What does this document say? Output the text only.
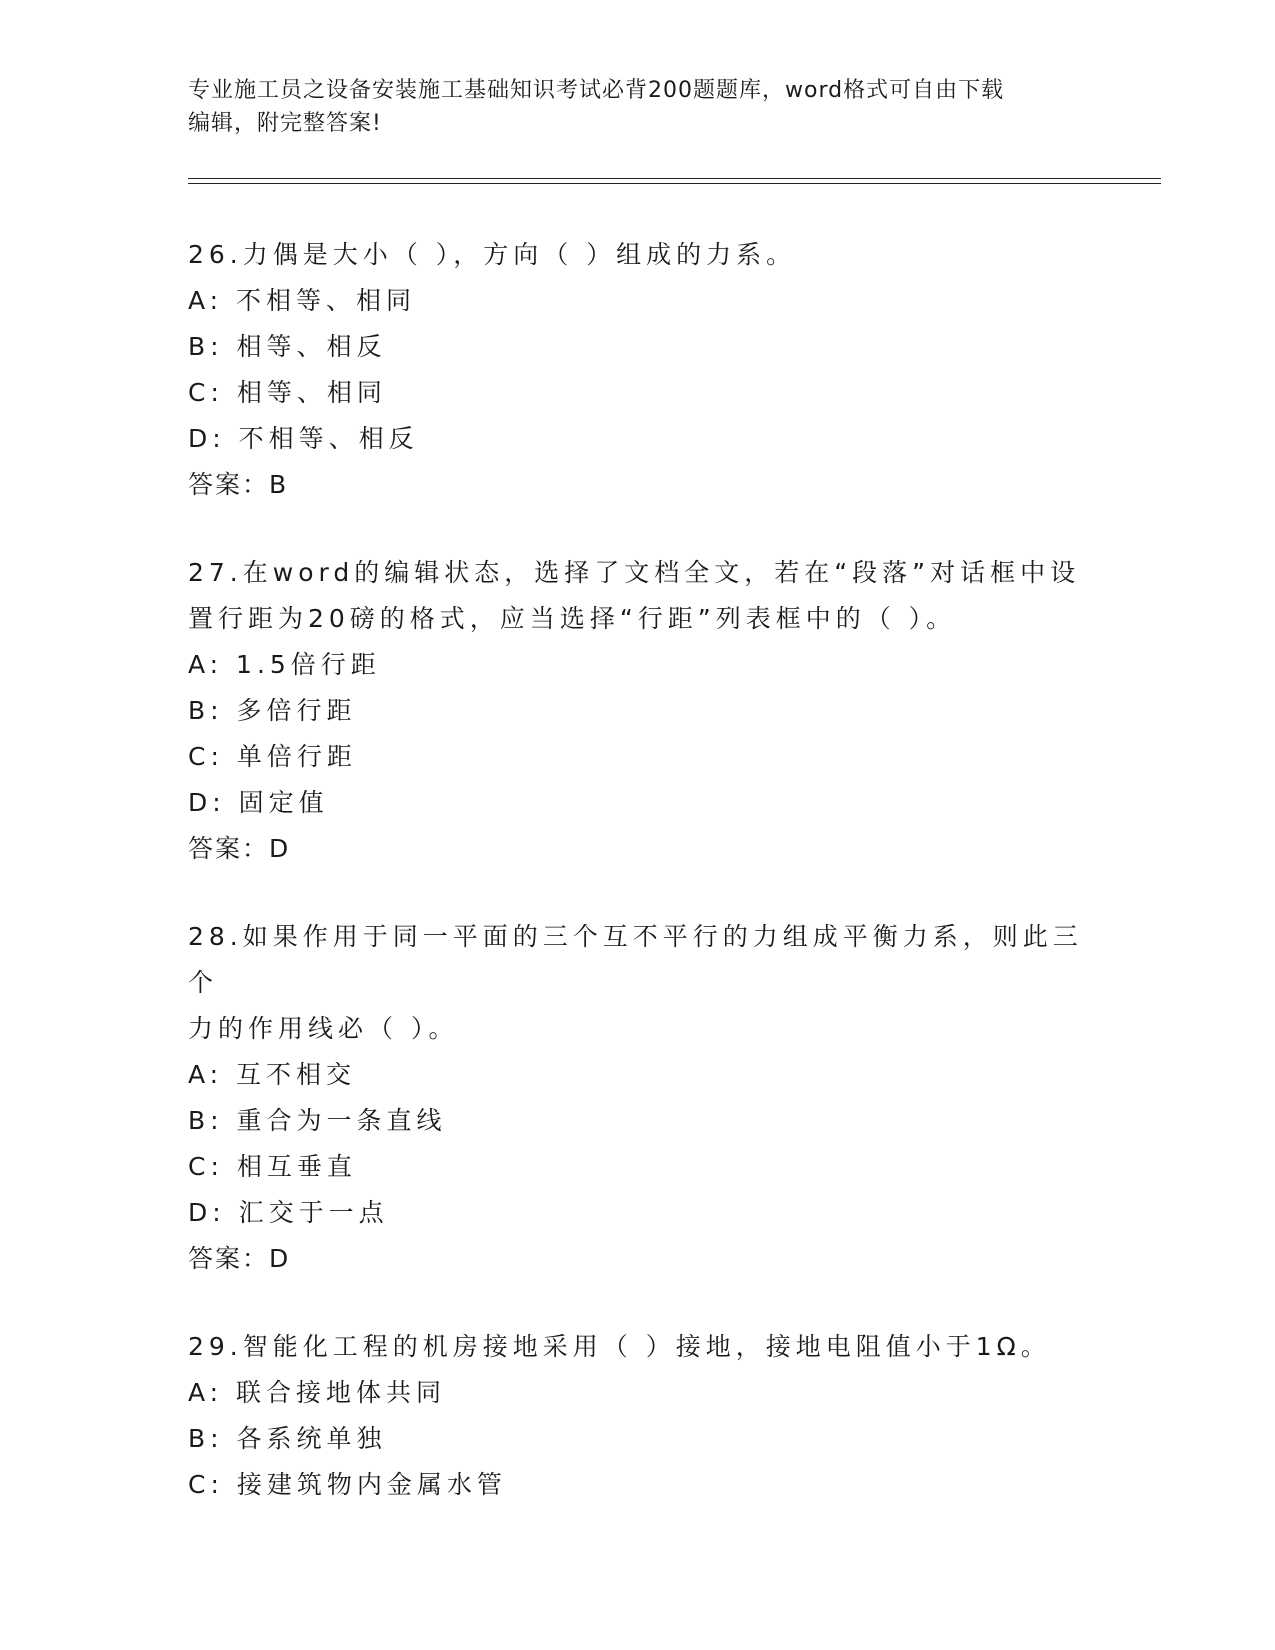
专业施工员之设备安装施工基础知识考试必背200题题库，word格式可自由下载
编辑，附完整答案!
26.力偶是大小（ ），方向（ ）组成的力系。
A: 不相等、相同
B: 相等、相反
C: 相等、相同
D: 不相等、相反
答案：B
27.在word的编辑状态，选择了文档全文，若在“段落”对话框中设
置行距为20磅的格式，应当选择“行距”列表框中的（ ）。
A: 1.5倍行距
B: 多倍行距
C: 单倍行距
D: 固定值
答案：D
28.如果作用于同一平面的三个互不平行的力组成平衡力系，则此三个
力的作用线必（ ）。
A: 互不相交
B: 重合为一条直线
C: 相互垂直
D: 汇交于一点
答案：D
29.智能化工程的机房接地采用（ ）接地，接地电阻值小于1Ω。
A: 联合接地体共同
B: 各系统单独
C: 接建筑物内金属水管
